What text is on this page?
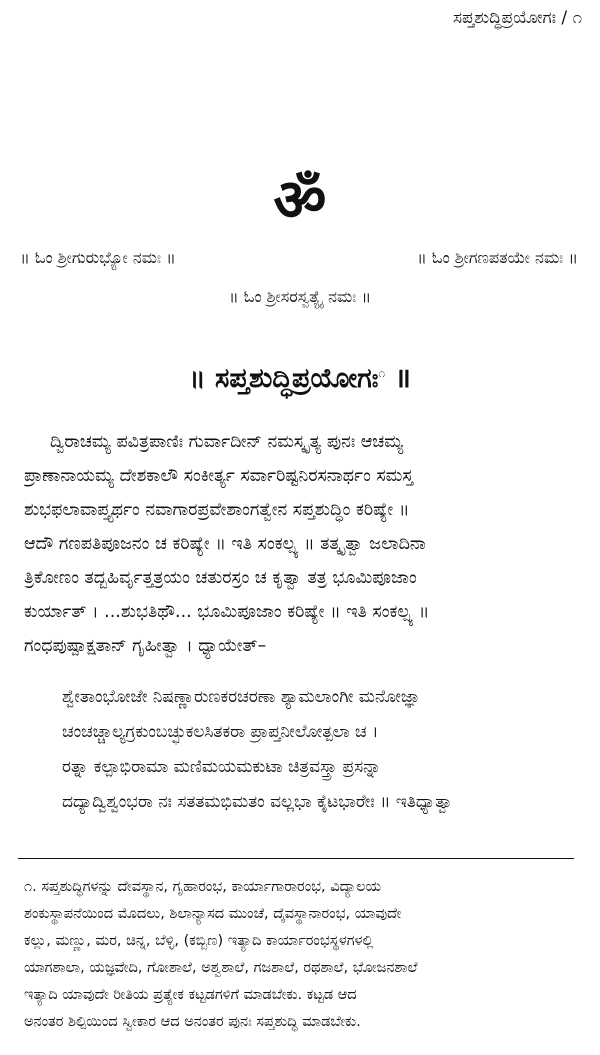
ಸಪ್ತಶುದ್ಧಿಪ್ರಯೋಗಃ / ೧
ॐ
॥ ಓಂ ಶ್ರೀಗುರುಭ್ಯೋ ನಮಃ ॥	॥ ಓಂ ಶ್ರೀಗಣಪತಯೇ ನಮಃ ॥
॥ ಓಂ ಶ್ರೀಸರಸ್ವತ್ಯೈ ನಮಃ ॥
॥ ಸಪ್ತಶುದ್ಧಿಪ್ರಯೋಗಃ$^೧$ ॥
ದ್ವಿರಾಚಮ್ಯ ಪವಿತ್ರಪಾಣಿಃ ಗುರ್ವಾದೀನ್ ನಮಸ್ಕೃತ್ಯ ಪುನಃ ಆಚಮ್ಯ
ಪ್ರಾಣಾನಾಯಮ್ಯ ದೇಶಕಾಲೌ ಸಂಕೀರ್ತ್ಯ ಸರ್ವಾರಿಷ್ಟನಿರಸನಾರ್ಥಂ ಸಮಸ್ತ
ಶುಭಫಲಾವಾಪ್ತ್ಯರ್ಥಂ ನವಾಗಾರಪ್ರವೇಶಾಂಗತ್ವೇನ ಸಪ್ತಶುದ್ಧಿಂ ಕರಿಷ್ಯೇ ॥
ಆದೌ ಗಣಪತಿಪೂಜನಂ ಚ ಕರಿಷ್ಯೇ ॥ ಇತಿ ಸಂಕಲ್ಪ್ಯ ॥ ತತ್ಕೃತ್ವಾ ಜಲಾದಿನಾ
ತ್ರಿಕೋಣಂ ತದ್ಬಹಿರ್ವೃತ್ತತ್ರಯಂ ಚತುರಸ್ರಂ ಚ ಕೃತ್ವಾ ತತ್ರ ಭೂಮಿಪೂಜಾಂ
ಕುರ್ಯಾತ್ । ...ಶುಭತಿಥೌ... ಭೂಮಿಪೂಜಾಂ ಕರಿಷ್ಯೇ ॥ ಇತಿ ಸಂಕಲ್ಪ್ಯ ॥
ಗಂಧಪುಷ್ಪಾಕ್ಷತಾನ್ ಗೃಹೀತ್ವಾ । ಧ್ಯಾಯೇತ್–
ಶ್ವೇತಾಂಭೋಜೇ ನಿಷಣ್ಣಾರುಣಕರಚರಣಾ ಶ್ಯಾಮಲಾಂಗೀ ಮನೋಜ್ಞಾ
ಚಂಚಚ್ಚಾಲ್ಯಗ್ರಕುಂಬಚ್ಛುಕಲಸಿತಕರಾ ಪ್ರಾಪ್ತನೀಲೋತ್ಪಲಾ ಚ ।
ರತ್ನಾ ಕಲ್ಪಾಭಿರಾಮಾ ಮಣಿಮಯಮಕುಟಾ ಚಿತ್ರವಸ್ತ್ರಾ ಪ್ರಸನ್ನಾ
ದದ್ಯಾದ್ವಿಶ್ವಂಭರಾ ನಃ ಸತತಮಭಿಮತಂ ವಲ್ಲಭಾ ಕೈಟಭಾರೇಃ ॥ ಇತಿಧ್ಯಾತ್ವಾ
೧. ಸಪ್ತಶುದ್ಧಿಗಳನ್ನು ದೇವಸ್ಥಾನ, ಗೃಹಾರಂಭ, ಕಾರ್ಯಾಗಾರಾರಂಭ, ವಿದ್ಯಾಲಯ
ಶಂಕುಸ್ಥಾಪನೆಯಿಂದ ಮೊದಲು, ಶಿಲಾನ್ಯಾಸದ ಮುಂಚೆ, ದೈವಸ್ಥಾನಾರಂಭ, ಯಾವುದೇ
ಕಲ್ಲು, ಮಣ್ಣು, ಮರ, ಚಿನ್ನ, ಬೆಳ್ಳಿ, (ಕಬ್ಬಿಣ) ಇತ್ಯಾದಿ ಕಾರ್ಯಾರಂಭಸ್ಥಳಗಳಲ್ಲಿ
ಯಾಗಶಾಲಾ, ಯಜ್ಞವೇದಿ, ಗೋಶಾಲೆ, ಅಶ್ವಶಾಲೆ, ಗಜಶಾಲೆ, ರಥಶಾಲೆ, ಭೋಜನಶಾಲೆ
ಇತ್ಯಾದಿ ಯಾವುದೇ ರೀತಿಯ ಪ್ರತ್ಯೇಕ ಕಟ್ಟಡಗಳಿಗೆ ಮಾಡಬೇಕು. ಕಟ್ಟಡ ಆದ
ಅನಂತರ ಶಿಲ್ಪಿಯಿಂದ ಸ್ವೀಕಾರ ಆದ ಅನಂತರ ಪುನಃ ಸಪ್ತಶುದ್ಧಿ ಮಾಡಬೇಕು.
